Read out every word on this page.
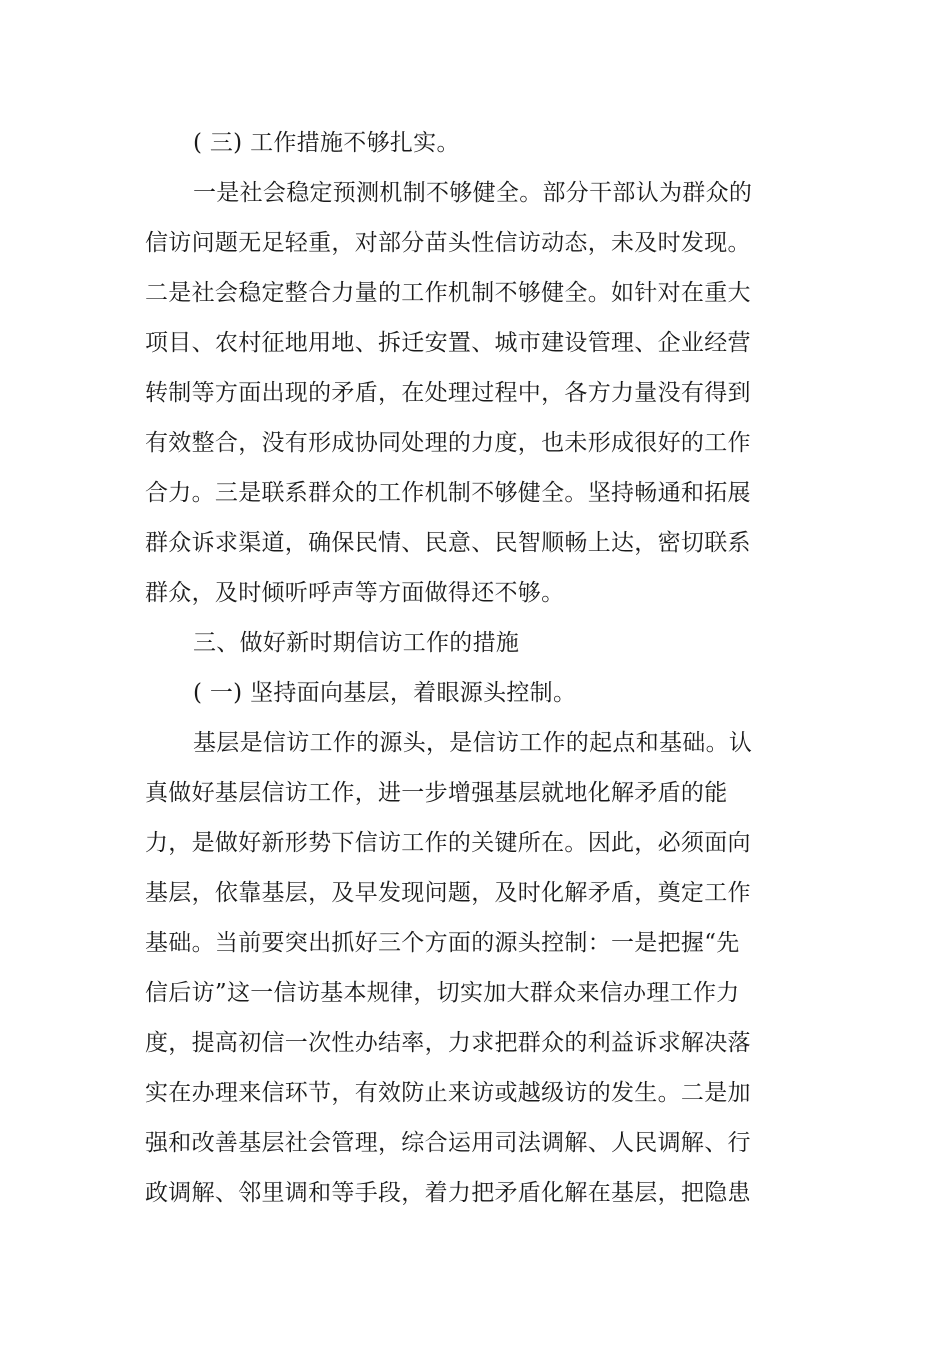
( 三) 工作措施不够扎实。
一是社会稳定预测机制不够健全。部分干部认为群众的
信访问题无足轻重，对部分苗头性信访动态，未及时发现。
二是社会稳定整合力量的工作机制不够健全。如针对在重大
项目、农村征地用地、拆迁安置、城市建设管理、企业经营
转制等方面出现的矛盾，在处理过程中，各方力量没有得到
有效整合，没有形成协同处理的力度，也未形成很好的工作
合力。三是联系群众的工作机制不够健全。坚持畅通和拓展
群众诉求渠道，确保民情、民意、民智顺畅上达，密切联系
群众，及时倾听呼声等方面做得还不够。
三、做好新时期信访工作的措施
( 一) 坚持面向基层，着眼源头控制。
基层是信访工作的源头，是信访工作的起点和基础。认
真做好基层信访工作，进一步增强基层就地化解矛盾的能
力，是做好新形势下信访工作的关键所在。因此，必须面向
基层，依靠基层，及早发现问题，及时化解矛盾，奠定工作
基础。当前要突出抓好三个方面的源头控制：一是把握“先
信后访”这一信访基本规律，切实加大群众来信办理工作力
度，提高初信一次性办结率，力求把群众的利益诉求解决落
实在办理来信环节，有效防止来访或越级访的发生。二是加
强和改善基层社会管理，综合运用司法调解、人民调解、行
政调解、邻里调和等手段，着力把矛盾化解在基层，把隐患
